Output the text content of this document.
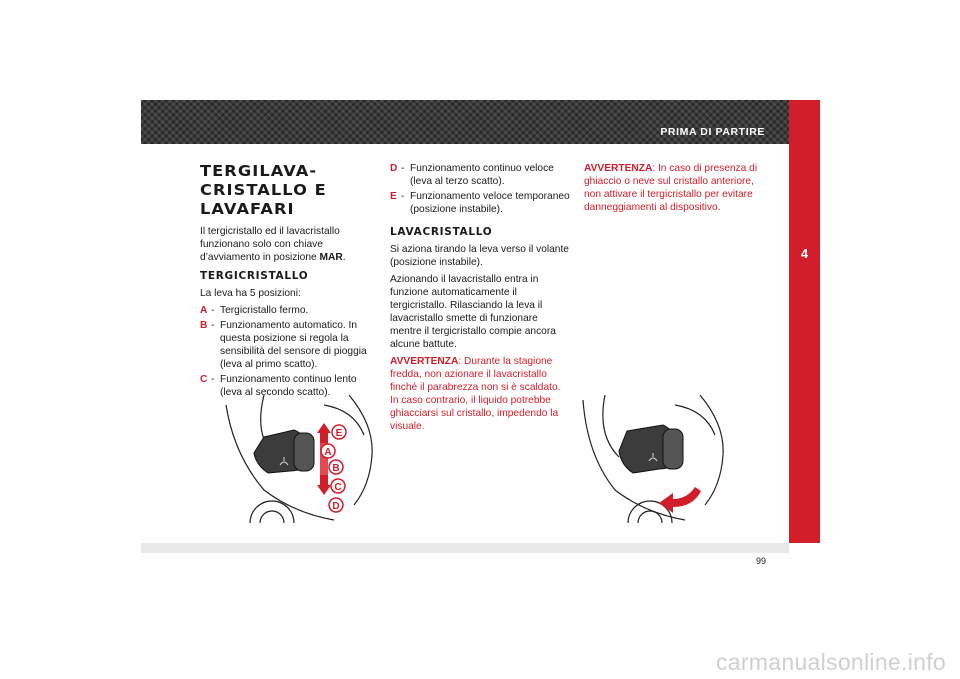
PRIMA DI PARTIRE
4
TERGILAVA-
CRISTALLO E
LAVAFARI

Il tergicristallo ed il lavacristallo funzionano solo con chiave d’avviamento in posizione MAR.

TERGICRISTALLO

La leva ha 5 posizioni:

A - Tergicristallo fermo.
B - Funzionamento automatico. In questa posizione si regola la sensibilità del sensore di pioggia (leva al primo scatto).
C - Funzionamento continuo lento (leva al secondo scatto).
D - Funzionamento continuo veloce (leva al terzo scatto).
E - Funzionamento veloce temporaneo (posizione instabile).
LAVACRISTALLO

Si aziona tirando la leva verso il volante (posizione instabile).

Azionando il lavacristallo entra in funzione automaticamente il tergicristallo. Rilasciando la leva il lavacristallo smette di funzionare mentre il tergicristallo compie ancora alcune battute.

AVVERTENZA: Durante la stagione fredda, non azionare il lavacristallo finché il parabrezza non si è scaldato. In caso contrario, il liquido potrebbe ghiacciarsi sul cristallo, impedendo la visuale.

AVVERTENZA: In caso di presenza di ghiaccio o neve sul cristallo anteriore, non attivare il tergicristallo per evitare danneggiamenti al dispositivo.

E
A
B
C
D
99
carmanualsonline.info
